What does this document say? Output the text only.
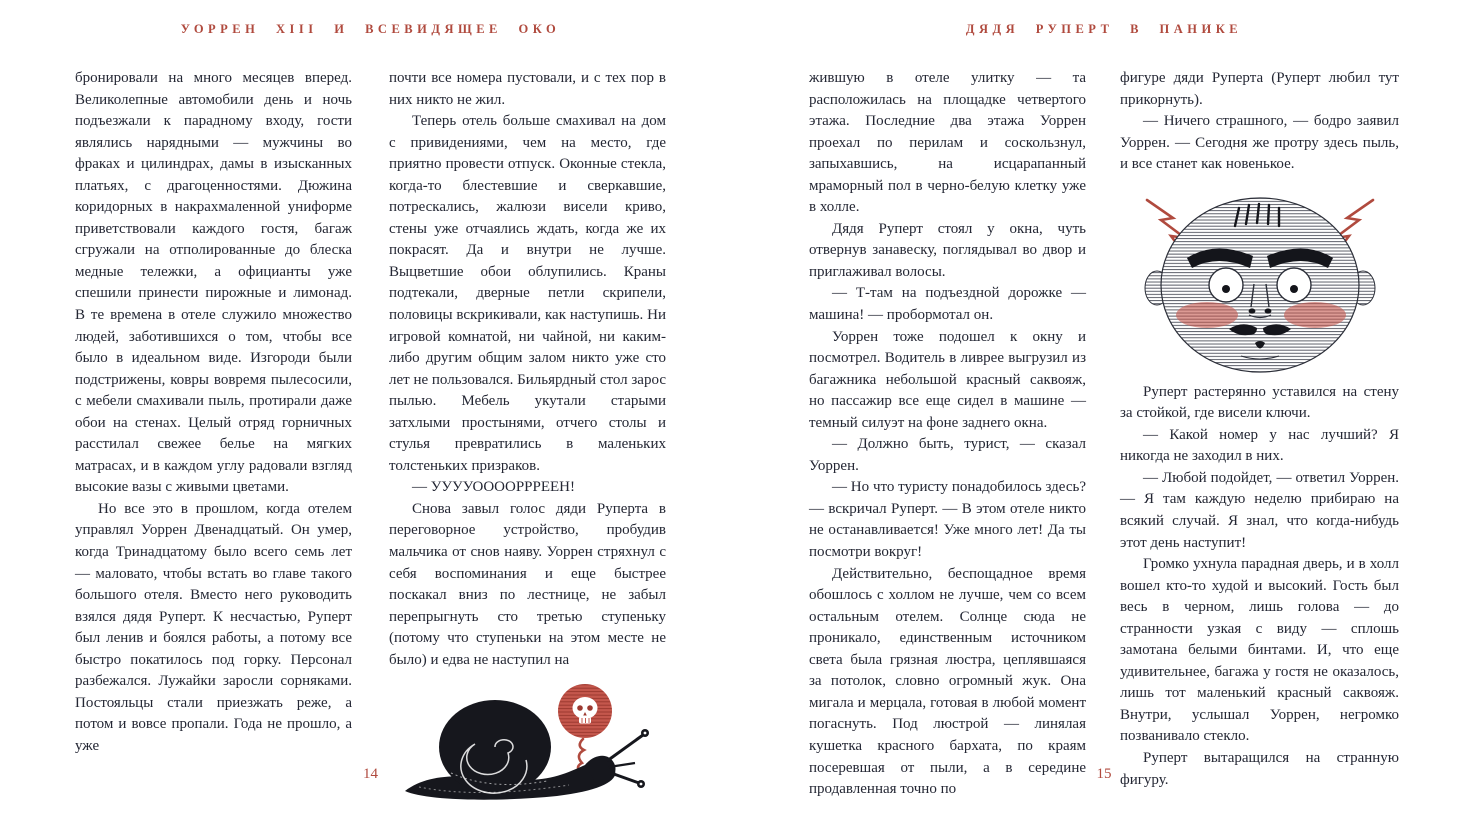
УОРРЕН XIII И ВСЕВИДЯЩЕЕ ОКО	ДЯДЯ РУПЕРТ В ПАНИКЕ

бронировали на много месяцев вперед. Великолепные автомобили день и ночь подъезжали к парадному входу, гости являлись нарядными — мужчины во фраках и цилиндрах, дамы в изысканных платьях, с драгоценностями. Дюжина коридорных в накрахмаленной униформе приветствовали каждого гостя, багаж сгружали на отполированные до блеска медные тележки, а официанты уже спешили принести пирожные и лимонад. В те времена в отеле служило множество людей, заботившихся о том, чтобы все было в идеальном виде. Изгороди были подстрижены, ковры вовремя пылесосили, с мебели смахивали пыль, протирали даже обои на стенах. Целый отряд горничных расстилал свежее белье на мягких матрасах, и в каждом углу радовали взгляд высокие вазы с живыми цветами.

Но все это в прошлом, когда отелем управлял Уоррен Двенадцатый. Он умер, когда Тринадцатому было всего семь лет — маловато, чтобы встать во главе такого большого отеля. Вместо него руководить взялся дядя Руперт. К несчастью, Руперт был ленив и боялся работы, а потому все быстро покатилось под горку. Персонал разбежался. Лужайки заросли сорняками. Постояльцы стали приезжать реже, а потом и вовсе пропали. Года не прошло, а уже

почти все номера пустовали, и с тех пор в них никто не жил.

Теперь отель больше смахивал на дом с привидениями, чем на место, где приятно провести отпуск. Оконные стекла, когда-то блестевшие и сверкавшие, потрескались, жалюзи висели криво, стены уже отчаялись ждать, когда же их покрасят. Да и внутри не лучше. Выцветшие обои облупились. Краны подтекали, дверные петли скрипели, половицы вскрикивали, как наступишь. Ни игровой комнатой, ни чайной, ни каким-либо другим общим залом никто уже сто лет не пользовался. Бильярдный стол зарос пылью. Мебель укутали старыми затхлыми простынями, отчего столы и стулья превратились в маленьких толстеньких призраков.

— УУУУООООРРРЕЕН!

Снова завыл голос дяди Руперта в переговорное устройство, пробудив мальчика от снов наяву. Уоррен стряхнул с себя воспоминания и еще быстрее поскакал вниз по лестнице, не забыл перепрыгнуть сто третью ступеньку (потому что ступеньки на этом месте не было) и едва не наступил на

жившую в отеле улитку — та расположилась на площадке четвертого этажа. Последние два этажа Уоррен проехал по перилам и соскользнул, запыхавшись, на исцарапанный мраморный пол в черно-белую клетку уже в холле.

Дядя Руперт стоял у окна, чуть отвернув занавеску, поглядывал во двор и приглаживал волосы.

— Т-там на подъездной дорожке — машина! — пробормотал он.

Уоррен тоже подошел к окну и посмотрел. Водитель в ливрее выгрузил из багажника небольшой красный саквояж, но пассажир все еще сидел в машине — темный силуэт на фоне заднего окна.

— Должно быть, турист, — сказал Уоррен.

— Но что туристу понадобилось здесь? — вскричал Руперт. — В этом отеле никто не останавливается! Уже много лет! Да ты посмотри вокруг!

Действительно, беспощадное время обошлось с холлом не лучше, чем со всем остальным отелем. Солнце сюда не проникало, единственным источником света была грязная люстра, цеплявшаяся за потолок, словно огромный жук. Она мигала и мерцала, готовая в любой момент погаснуть. Под люстрой — линялая кушетка красного бархата, по краям посеревшая от пыли, а в середине продавленная точно по

фигуре дяди Руперта (Руперт любил тут прикорнуть).

— Ничего страшного, — бодро заявил Уоррен. — Сегодня же протру здесь пыль, и все станет как новенькое.

Руперт растерянно уставился на стену за стойкой, где висели ключи.

— Какой номер у нас лучший? Я никогда не заходил в них.

— Любой подойдет, — ответил Уоррен. — Я там каждую неделю прибираю на всякий случай. Я знал, что когда-нибудь этот день наступит!

Громко ухнула парадная дверь, и в холл вошел кто-то худой и высокий. Гость был весь в черном, лишь голова — до странности узкая с виду — сплошь замотана белыми бинтами. И, что еще удивительнее, багажа у гостя не оказалось, лишь тот маленький красный саквояж. Внутри, услышал Уоррен, негромко позванивало стекло.

Руперт вытаращился на странную фигуру.

14	15
